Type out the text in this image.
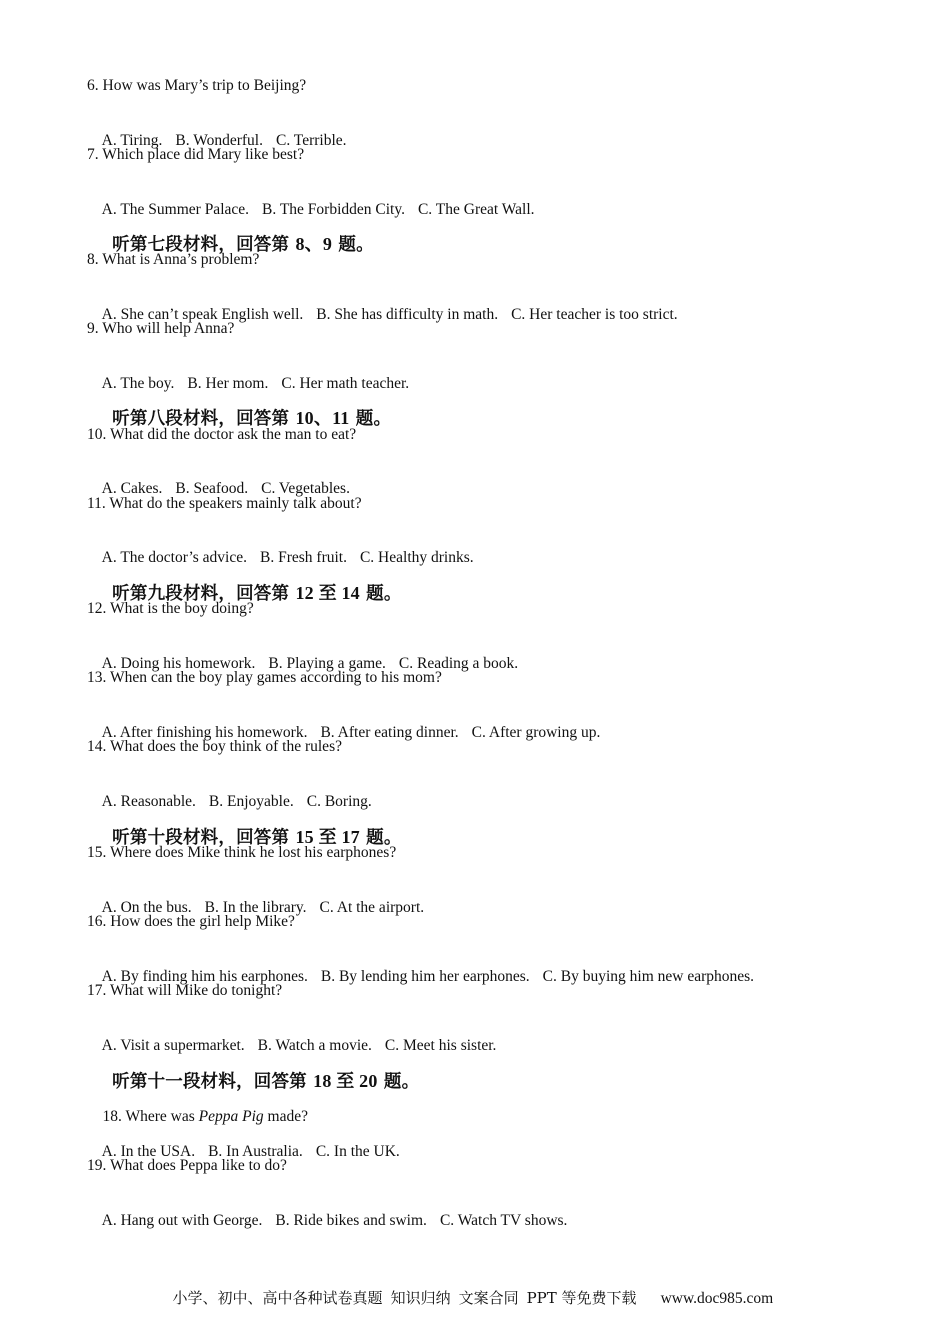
6. How was Mary’s trip to Beijing?

A. Tiring. B. Wonderful. C. Terrible.

7. Which place did Mary like best?

A. The Summer Palace. B. The Forbidden City. C. The Great Wall.

听第七段材料，回答第 8、9 题。

8. What is Anna’s problem?

A. She can’t speak English well. B. She has difficulty in math. C. Her teacher is too strict.

9. Who will help Anna?

A. The boy. B. Her mom. C. Her math teacher.

听第八段材料，回答第 10、11 题。

10. What did the doctor ask the man to eat?

A. Cakes. B. Seafood. C. Vegetables.

11. What do the speakers mainly talk about?

A. The doctor’s advice. B. Fresh fruit. C. Healthy drinks.

听第九段材料，回答第 12 至 14 题。

12. What is the boy doing?

A. Doing his homework. B. Playing a game. C. Reading a book.

13. When can the boy play games according to his mom?

A. After finishing his homework. B. After eating dinner. C. After growing up.

14. What does the boy think of the rules?

A. Reasonable. B. Enjoyable. C. Boring.

听第十段材料，回答第 15 至 17 题。

15. Where does Mike think he lost his earphones?

A. On the bus. B. In the library. C. At the airport.

16. How does the girl help Mike?

A. By finding him his earphones. B. By lending him her earphones. C. By buying him new earphones.

17. What will Mike do tonight?

A. Visit a supermarket. B. Watch a movie. C. Meet his sister.

听第十一段材料，回答第 18 至 20 题。

18. Where was Peppa Pig made?

A. In the USA. B. In Australia. C. In the UK.

19. What does Peppa like to do?

A. Hang out with George. B. Ride bikes and swim. C. Watch TV shows.

小学、初中、高中各种试卷真题 知识归纳 文案合同 PPT 等免费下载 www.doc985.com
